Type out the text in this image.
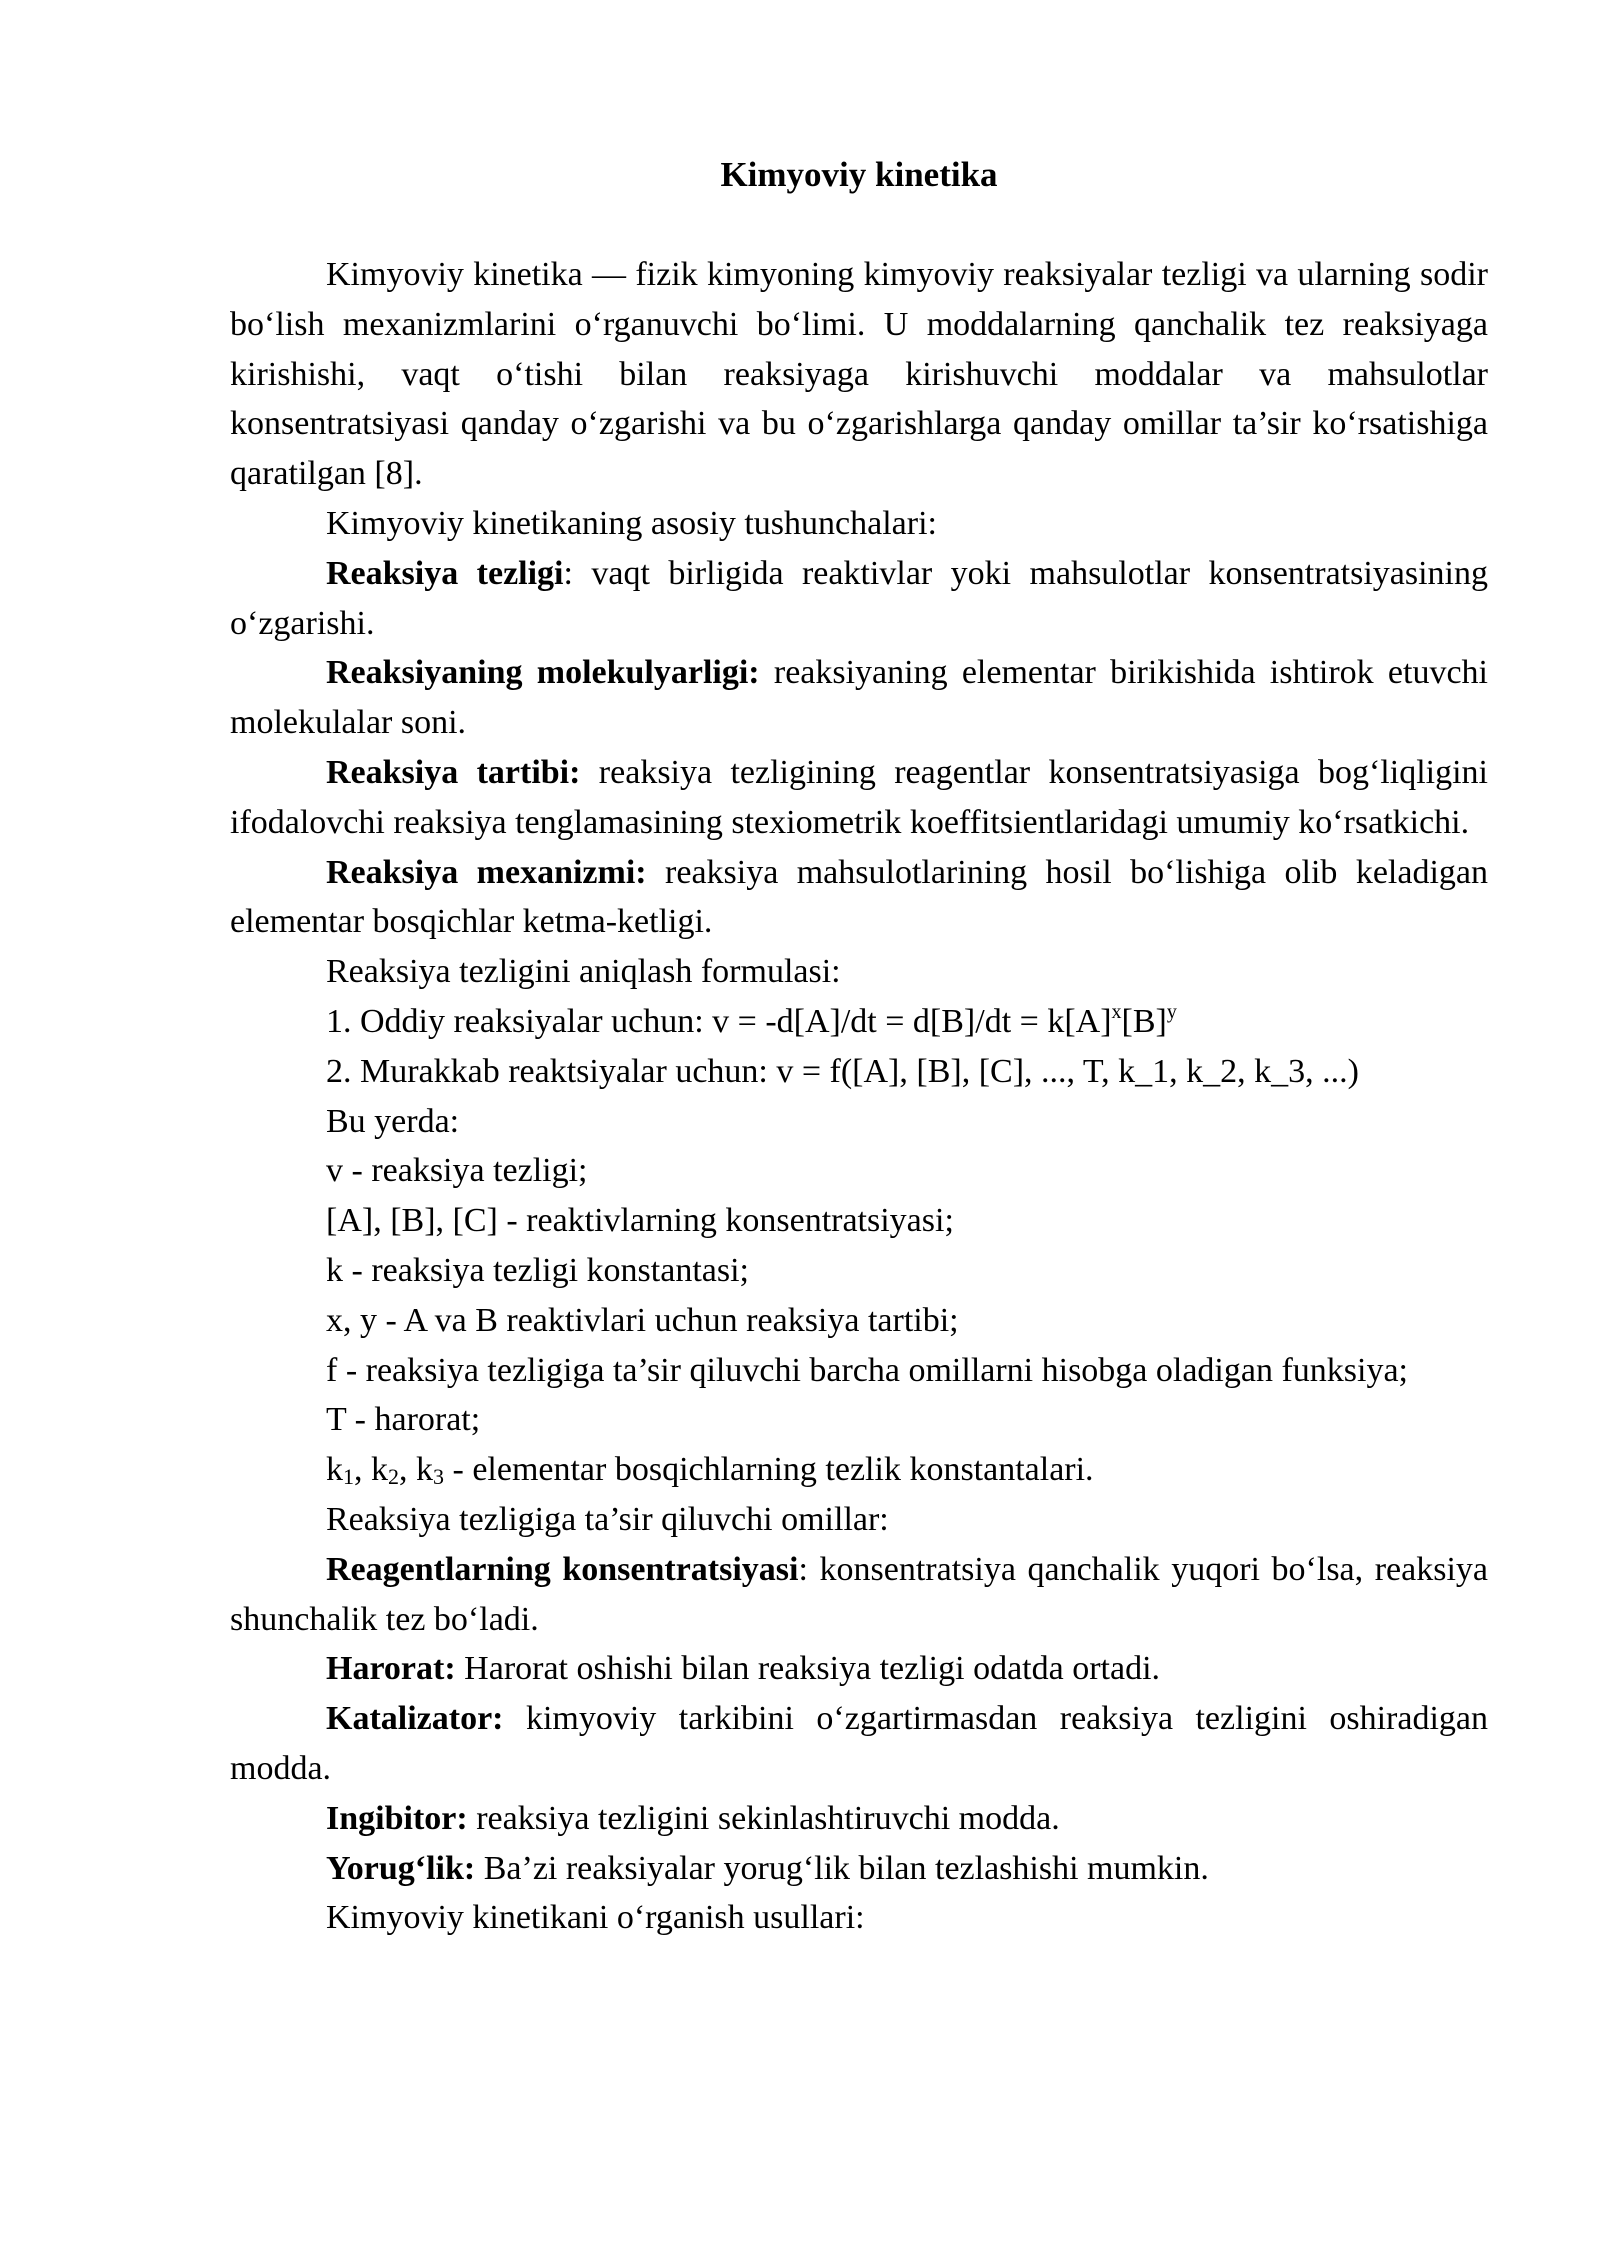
Kimyoviy kinetika

Kimyoviy kinetika — fizik kimyoning kimyoviy reaksiyalar tezligi va ularning sodir bo‘lish mexanizmlarini o‘rganuvchi bo‘limi. U moddalarning qanchalik tez reaksiyaga kirishishi, vaqt o‘tishi bilan reaksiyaga kirishuvchi moddalar va mahsulotlar konsentratsiyasi qanday o‘zgarishi va bu o‘zgarishlarga qanday omillar ta’sir ko‘rsatishiga qaratilgan [8].

Kimyoviy kinetikaning asosiy tushunchalari:

Reaksiya tezligi: vaqt birligida reaktivlar yoki mahsulotlar konsentratsiyasining o‘zgarishi.

Reaksiyaning molekulyarligi: reaksiyaning elementar birikishida ishtirok etuvchi molekulalar soni.

Reaksiya tartibi: reaksiya tezligining reagentlar konsentratsiyasiga bog‘liqligini ifodalovchi reaksiya tenglamasining stexiometrik koeffitsientlaridagi umumiy ko‘rsatkichi.

Reaksiya mexanizmi: reaksiya mahsulotlarining hosil bo‘lishiga olib keladigan elementar bosqichlar ketma-ketligi.

Reaksiya tezligini aniqlash formulasi:

1. Oddiy reaksiyalar uchun: $v = -d[A]/dt = d[B]/dt = k[A]^x[B]^y$

2. Murakkab reaktsiyalar uchun: v = f([A], [B], [C], ..., T, k_1, k_2, k_3, ...)

Bu yerda:

v - reaksiya tezligi;

[A], [B], [C] - reaktivlarning konsentratsiyasi;

k - reaksiya tezligi konstantasi;

x, y - A va B reaktivlari uchun reaksiya tartibi;

f - reaksiya tezligiga ta’sir qiluvchi barcha omillarni hisobga oladigan funksiya;

T - harorat;

$k_1$, $k_2$, $k_3$ - elementar bosqichlarning tezlik konstantalari.

Reaksiya tezligiga ta’sir qiluvchi omillar:

Reagentlarning konsentratsiyasi: konsentratsiya qanchalik yuqori bo‘lsa, reaksiya shunchalik tez bo‘ladi.

Harorat: Harorat oshishi bilan reaksiya tezligi odatda ortadi.

Katalizator: kimyoviy tarkibini o‘zgartirmasdan reaksiya tezligini oshiradigan modda.

Ingibitor: reaksiya tezligini sekinlashtiruvchi modda.

Yorug‘lik: Ba’zi reaksiyalar yorug‘lik bilan tezlashishi mumkin.

Kimyoviy kinetikani o‘rganish usullari:
